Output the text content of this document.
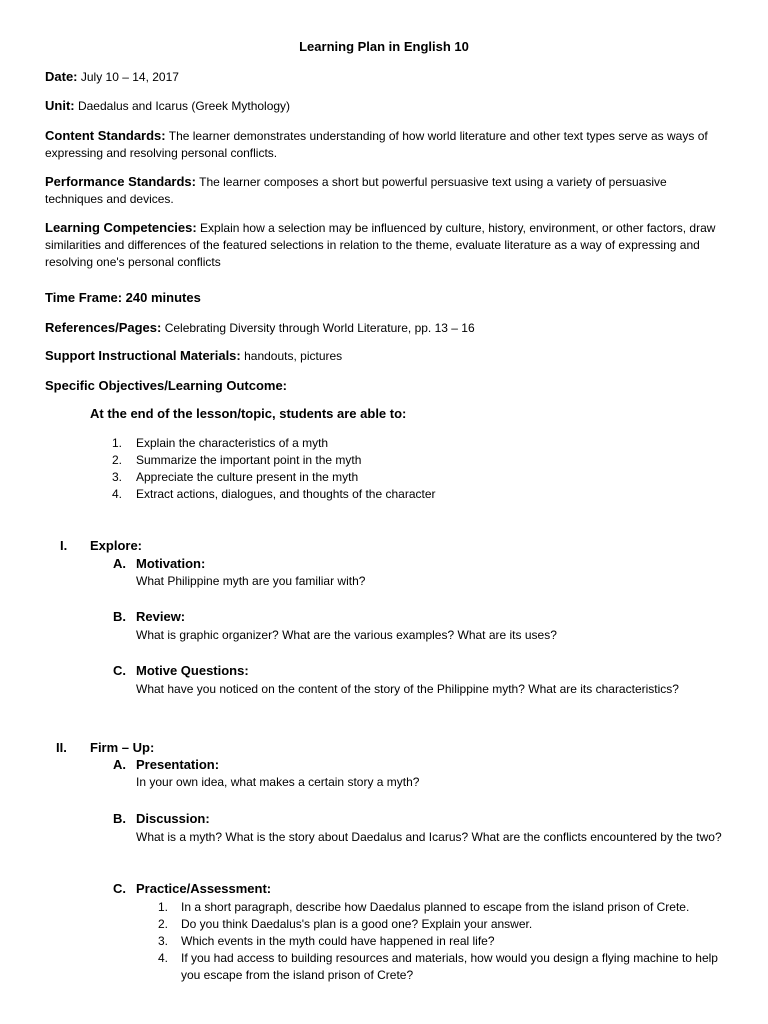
Learning Plan in English 10
Date: July 10 – 14, 2017
Unit: Daedalus and Icarus (Greek Mythology)
Content Standards: The learner demonstrates understanding of how world literature and other text types serve as ways of expressing and resolving personal conflicts.
Performance Standards: The learner composes a short but powerful persuasive text using a variety of persuasive techniques and devices.
Learning Competencies: Explain how a selection may be influenced by culture, history, environment, or other factors, draw similarities and differences of the featured selections in relation to the theme, evaluate literature as a way of expressing and resolving one's personal conflicts
Time Frame: 240 minutes
References/Pages: Celebrating Diversity through World Literature, pp. 13 – 16
Support Instructional Materials: handouts, pictures
Specific Objectives/Learning Outcome:
At the end of the lesson/topic, students are able to:
1. Explain the characteristics of a myth
2. Summarize the important point in the myth
3. Appreciate the culture present in the myth
4. Extract actions, dialogues, and thoughts of the character
I. Explore:
A. Motivation:
What Philippine myth are you familiar with?
B. Review:
What is graphic organizer? What are the various examples? What are its uses?
C. Motive Questions:
What have you noticed on the content of the story of the Philippine myth? What are its characteristics?
II. Firm – Up:
A. Presentation:
In your own idea, what makes a certain story a myth?
B. Discussion:
What is a myth? What is the story about Daedalus and Icarus? What are the conflicts encountered by the two?
C. Practice/Assessment:
1.	In a short paragraph, describe how Daedalus planned to escape from the island prison of Crete.
2.	Do you think Daedalus's plan is a good one? Explain your answer.
3.	Which events in the myth could have happened in real life?
4.	If you had access to building resources and materials, how would you design a flying machine to help you escape from the island prison of Crete?
